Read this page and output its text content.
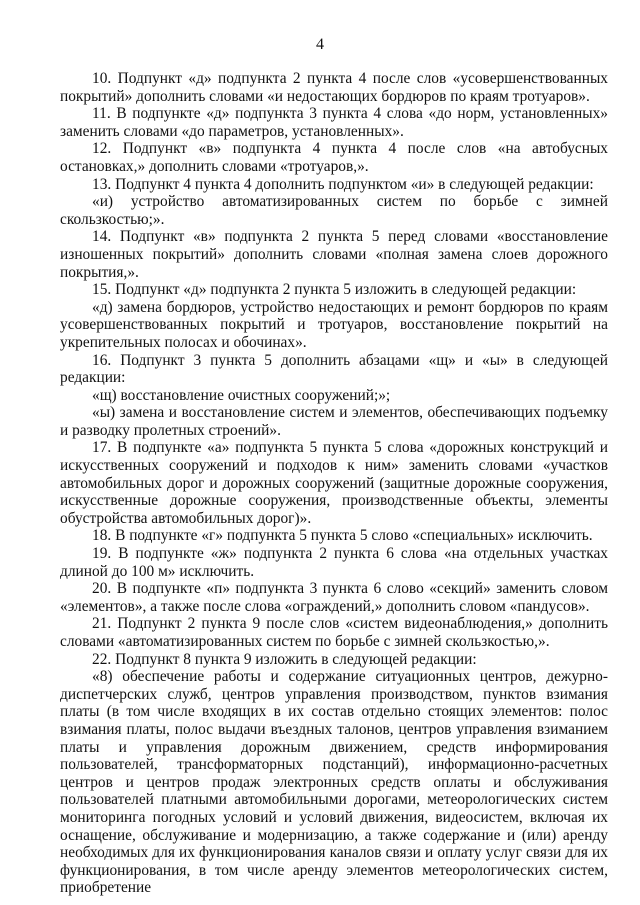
4

10. Подпункт «д» подпункта 2 пункта 4 после слов «усовершенствованных покрытий» дополнить словами «и недостающих бордюров по краям тротуаров».

11. В подпункте «д» подпункта 3 пункта 4 слова «до норм, установленных» заменить словами «до параметров, установленных».

12. Подпункт «в» подпункта 4 пункта 4 после слов «на автобусных остановках,» дополнить словами «тротуаров,».

13. Подпункт 4 пункта 4 дополнить подпунктом «и» в следующей редакции:

«и) устройство автоматизированных систем по борьбе с зимней скользкостью;».

14. Подпункт «в» подпункта 2 пункта 5 перед словами «восстановление изношенных покрытий» дополнить словами «полная замена слоев дорожного покрытия,».

15. Подпункт «д» подпункта 2 пункта 5 изложить в следующей редакции:

«д) замена бордюров, устройство недостающих и ремонт бордюров по краям усовершенствованных покрытий и тротуаров, восстановление покрытий на укрепительных полосах и обочинах».

16. Подпункт 3 пункта 5 дополнить абзацами «щ» и «ы» в следующей редакции:

«щ) восстановление очистных сооружений;»;

«ы) замена и восстановление систем и элементов, обеспечивающих подъемку и разводку пролетных строений».

17. В подпункте «а» подпункта 5 пункта 5 слова «дорожных конструкций и искусственных сооружений и подходов к ним» заменить словами «участков автомобильных дорог и дорожных сооружений (защитные дорожные сооружения, искусственные дорожные сооружения, производственные объекты, элементы обустройства автомобильных дорог)».

18. В подпункте «г» подпункта 5 пункта 5 слово «специальных» исключить.

19. В подпункте «ж» подпункта 2 пункта 6 слова «на отдельных участках длиной до 100 м» исключить.

20. В подпункте «п» подпункта 3 пункта 6 слово «секций» заменить словом «элементов», а также после слова «ограждений,» дополнить словом «пандусов».

21. Подпункт 2 пункта 9 после слов «систем видеонаблюдения,» дополнить словами «автоматизированных систем по борьбе с зимней скользкостью,».

22. Подпункт 8 пункта 9 изложить в следующей редакции:

«8) обеспечение работы и содержание ситуационных центров, дежурно-диспетчерских служб, центров управления производством, пунктов взимания платы (в том числе входящих в их состав отдельно стоящих элементов: полос взимания платы, полос выдачи въездных талонов, центров управления взиманием платы и управления дорожным движением, средств информирования пользователей, трансформаторных подстанций), информационно-расчетных центров и центров продаж электронных средств оплаты и обслуживания пользователей платными автомобильными дорогами, метеорологических систем мониторинга погодных условий и условий движения, видеосистем, включая их оснащение, обслуживание и модернизацию, а также содержание и (или) аренду необходимых для их функционирования каналов связи и оплату услуг связи для их функционирования, в том числе аренду элементов метеорологических систем, приобретение
